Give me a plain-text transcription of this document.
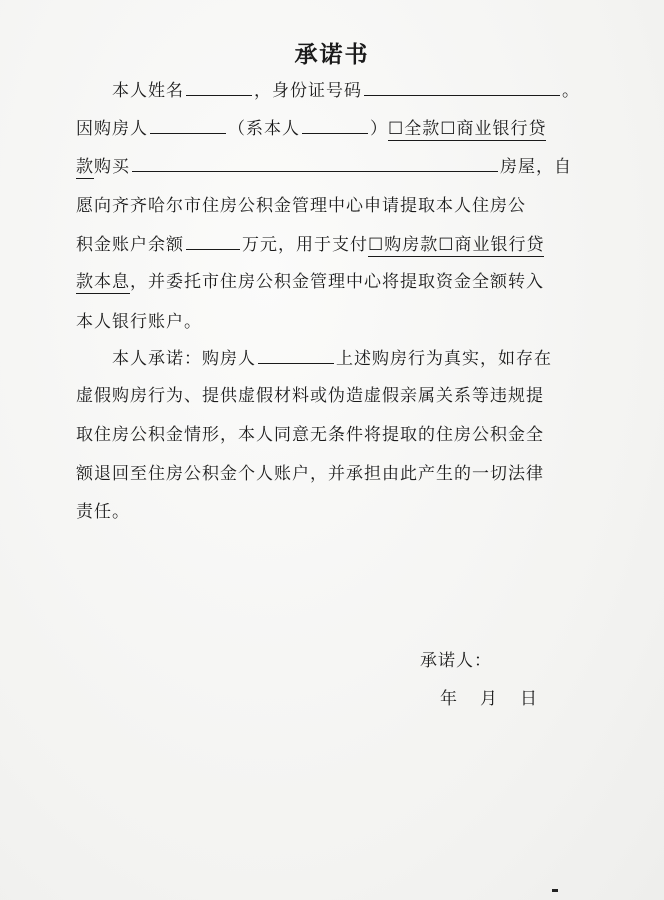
承诺书
本人姓名	，身份证号码	。
因购房人	（系本人	）☐全款☐商业银行贷
款购买	房屋，自
愿向齐齐哈尔市住房公积金管理中心申请提取本人住房公
积金账户余额	万元，用于支付☐购房款☐商业银行贷
款本息，并委托市住房公积金管理中心将提取资金全额转入
本人银行账户。
本人承诺：购房人	上述购房行为真实，如存在
虚假购房行为、提供虚假材料或伪造虚假亲属关系等违规提
取住房公积金情形，本人同意无条件将提取的住房公积金全
额退回至住房公积金个人账户，并承担由此产生的一切法律
责任。
承诺人：
年 月 日
